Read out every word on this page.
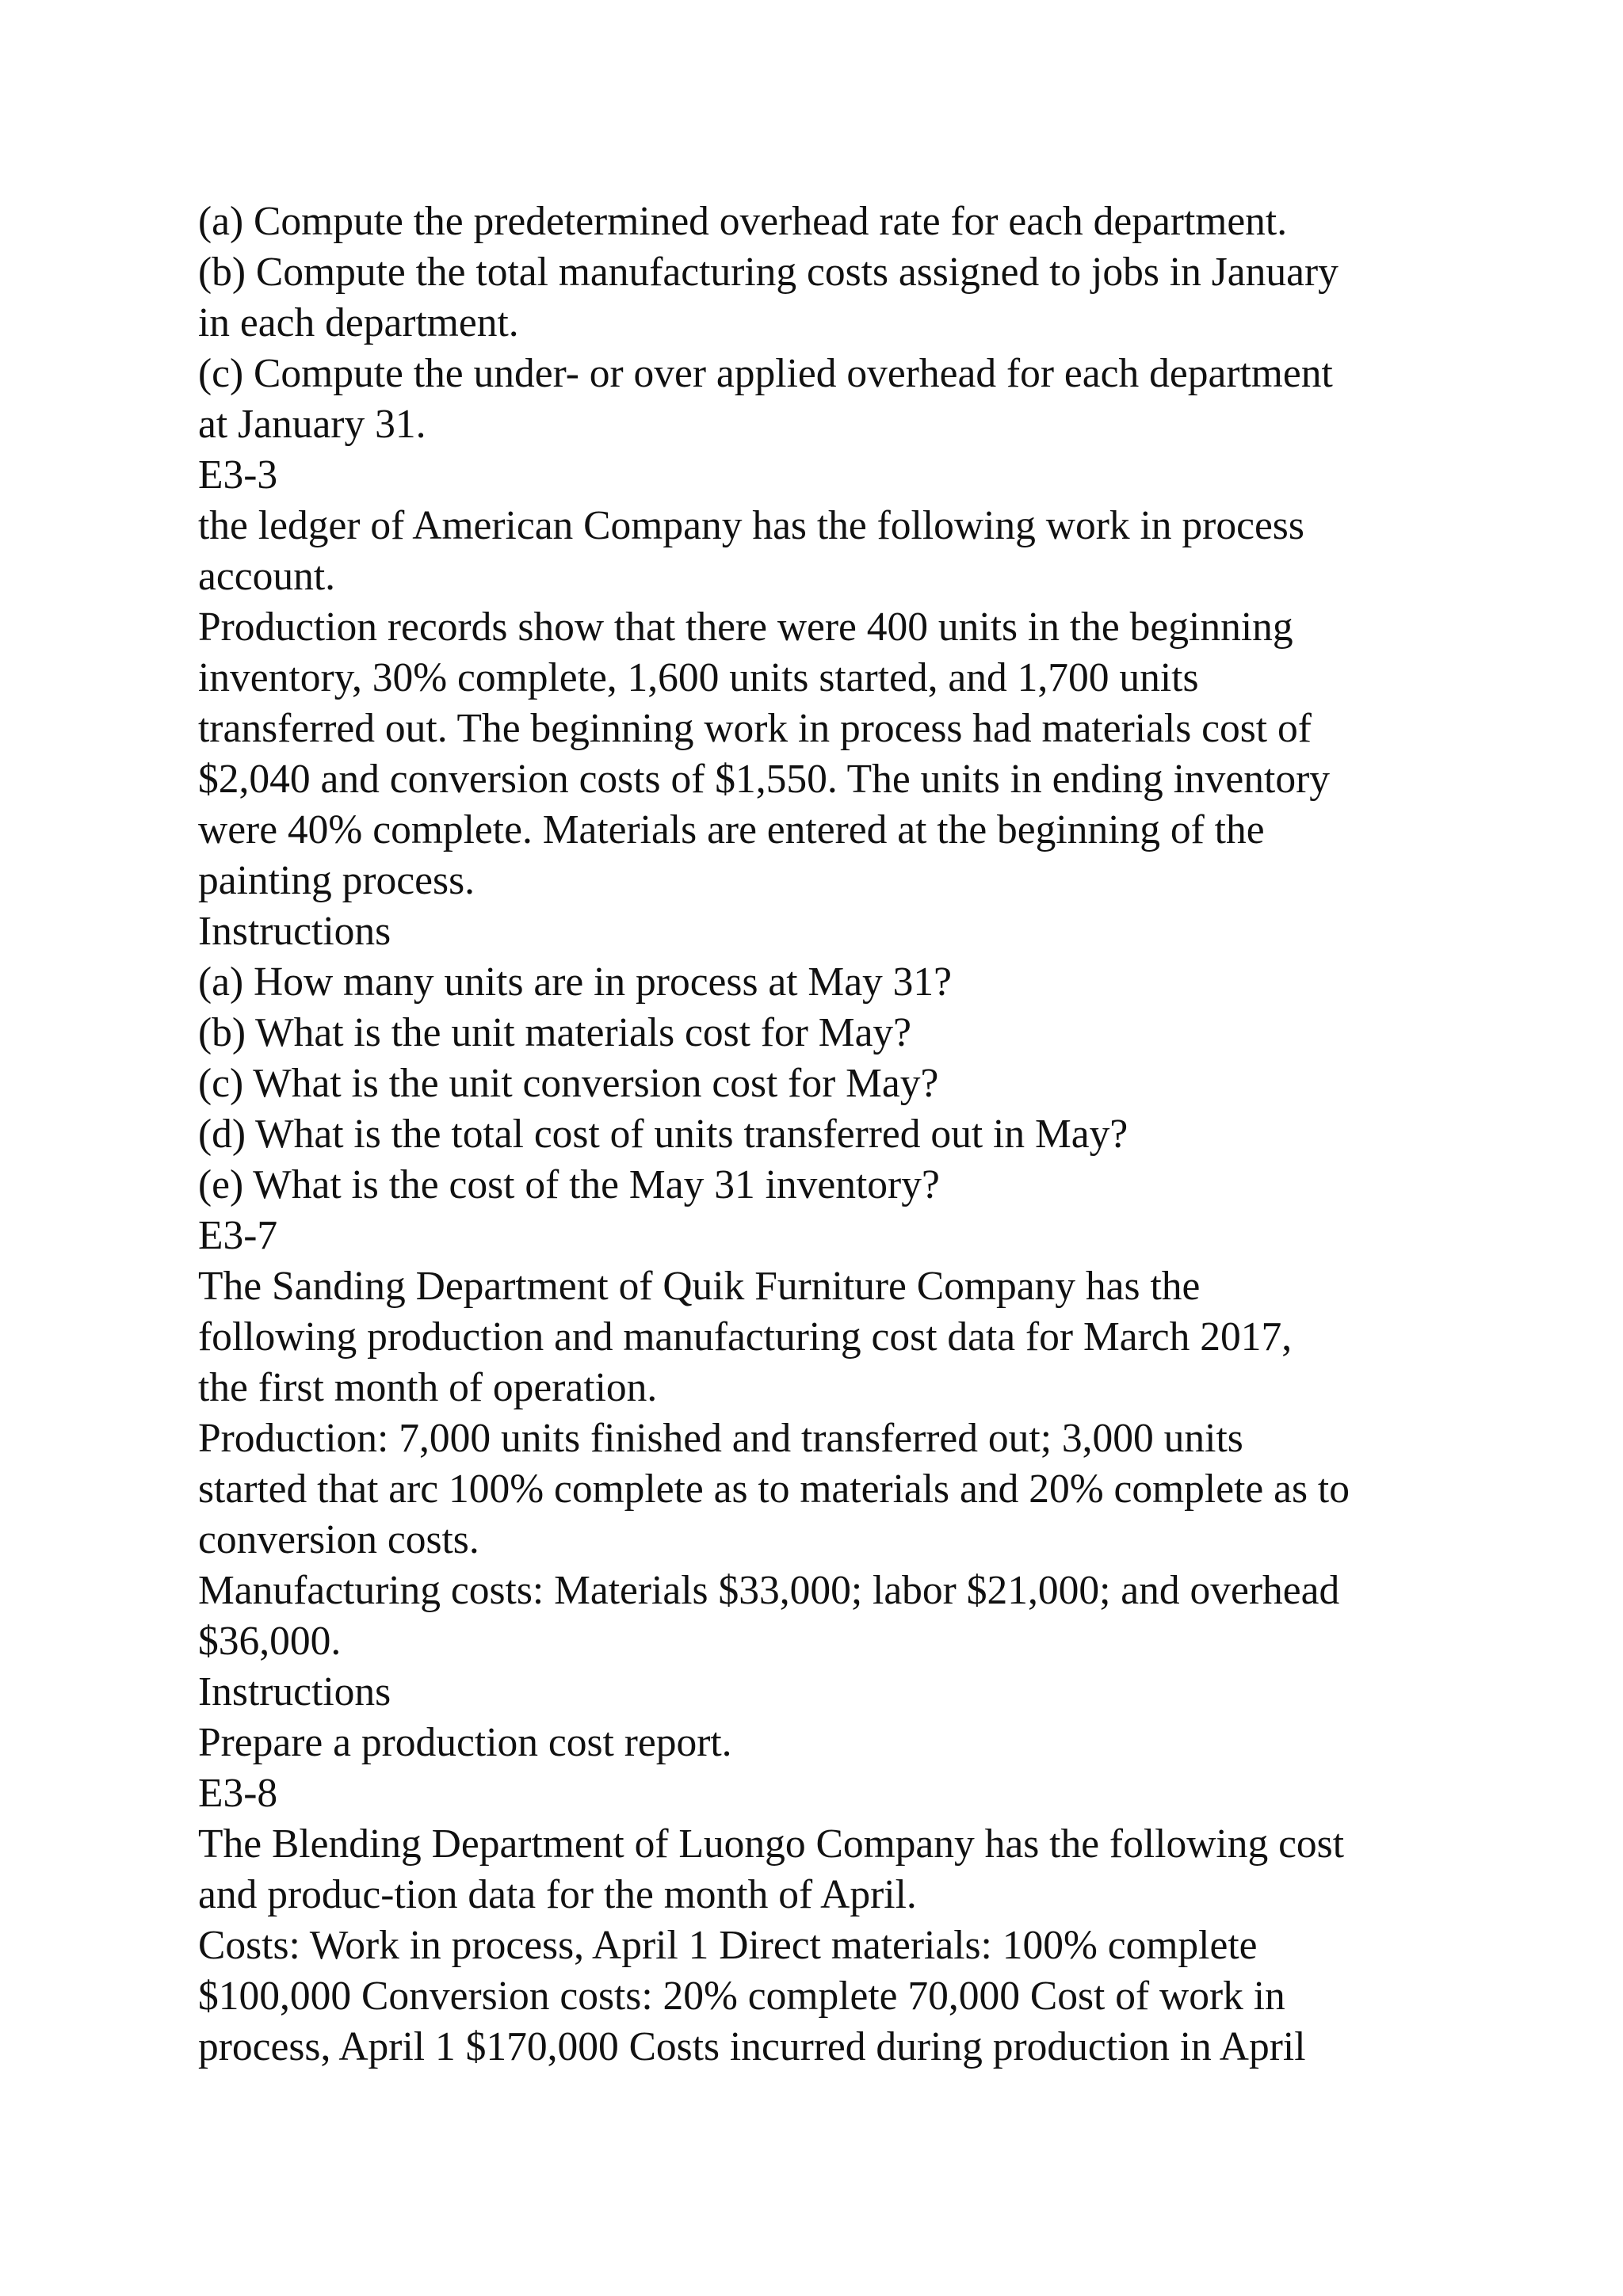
(a) Compute the predetermined overhead rate for each department.
(b) Compute the total manufacturing costs assigned to jobs in January
in each department.
(c) Compute the under- or over applied overhead for each department
at January 31.
E3-3
the ledger of American Company has the following work in process
account.
Production records show that there were 400 units in the beginning
inventory, 30% complete, 1,600 units started, and 1,700 units
transferred out. The beginning work in process had materials cost of
$2,040 and conversion costs of $1,550. The units in ending inventory
were 40% complete. Materials are entered at the beginning of the
painting process.
Instructions
(a) How many units are in process at May 31?
(b) What is the unit materials cost for May?
(c) What is the unit conversion cost for May?
(d) What is the total cost of units transferred out in May?
(e) What is the cost of the May 31 inventory?
E3-7
The Sanding Department of Quik Furniture Company has the
following production and manufacturing cost data for March 2017,
the first month of operation.
Production: 7,000 units finished and transferred out; 3,000 units
started that arc 100% complete as to materials and 20% complete as to
conversion costs.
Manufacturing costs: Materials $33,000; labor $21,000; and overhead
$36,000.
Instructions
Prepare a production cost report.
E3-8
The Blending Department of Luongo Company has the following cost
and produc-tion data for the month of April.
Costs: Work in process, April 1 Direct materials: 100% complete
$100,000 Conversion costs: 20% complete 70,000 Cost of work in
process, April 1 $170,000 Costs incurred during production in April
